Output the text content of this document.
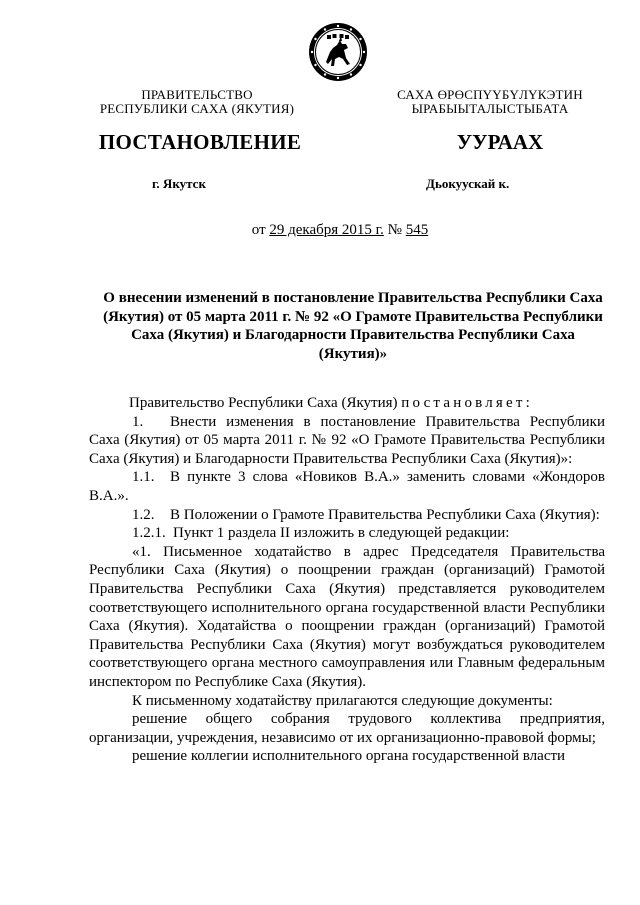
ПРАВИТЕЛЬСТВО
РЕСПУБЛИКИ САХА (ЯКУТИЯ)
САХА ӨРӨСПҮҮБҮЛҮКЭТИН
ЫРАБЫЫТАЛЫСТЫБАТА
ПОСТАНОВЛЕНИЕ	УУРААХ
г. Якутск	Дьокуускай к.
от 29 декабря 2015 г. № 545
О внесении изменений в постановление Правительства Республики Саха (Якутия) от 05 марта 2011 г. № 92 «О Грамоте Правительства Республики Саха (Якутия) и Благодарности Правительства Республики Саха (Якутия)»

Правительство Республики Саха (Якутия) постановляет:

1. Внести изменения в постановление Правительства Республики Саха (Якутия) от 05 марта 2011 г. № 92 «О Грамоте Правительства Республики Саха (Якутия) и Благодарности Правительства Республики Саха (Якутия)»:

1.1. В пункте 3 слова «Новиков В.А.» заменить словами «Жондоров В.А.».

1.2. В Положении о Грамоте Правительства Республики Саха (Якутия):

1.2.1. Пункт 1 раздела II изложить в следующей редакции:

«1. Письменное ходатайство в адрес Председателя Правительства Республики Саха (Якутия) о поощрении граждан (организаций) Грамотой Правительства Республики Саха (Якутия) представляется руководителем соответствующего исполнительного органа государственной власти Республики Саха (Якутия). Ходатайства о поощрении граждан (организаций) Грамотой Правительства Республики Саха (Якутия) могут возбуждаться руководителем соответствующего органа местного самоуправления или Главным федеральным инспектором по Республике Саха (Якутия).

К письменному ходатайству прилагаются следующие документы:

решение общего собрания трудового коллектива предприятия, организации, учреждения, независимо от их организационно-правовой формы;

решение коллегии исполнительного органа государственной власти
